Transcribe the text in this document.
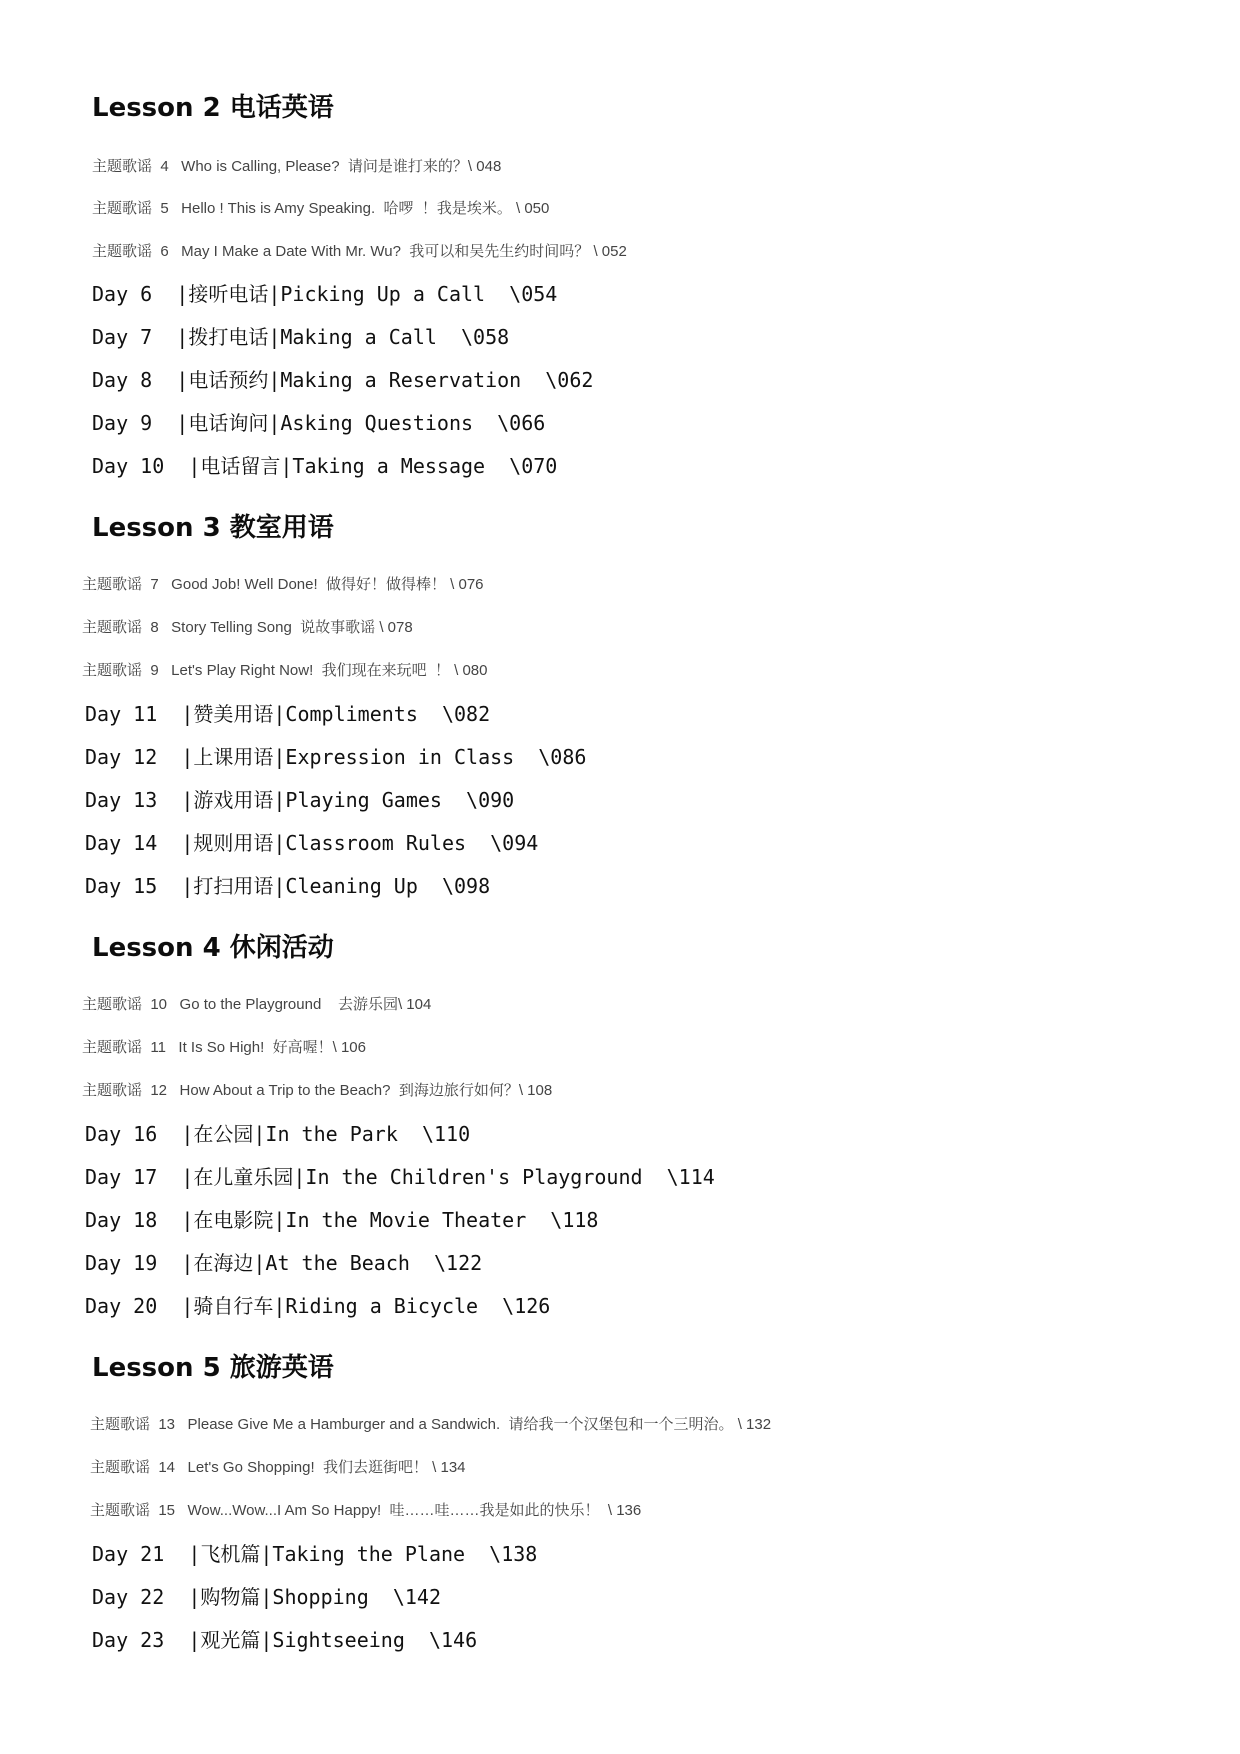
Lesson 2 电话英语
主题歌谣  4   Who is Calling, Please?  请问是谁打来的？\ 048
主题歌谣  5   Hello ! This is Amy Speaking.  哈啰  ！我是埃米。 \ 050
主题歌谣  6   May I Make a Date With Mr. Wu?  我可以和吴先生约时间吗？ \ 052
Day 6  |接听电话|Picking Up a Call  \054
Day 7  |拨打电话|Making a Call  \058
Day 8  |电话预约|Making a Reservation  \062
Day 9  |电话询问|Asking Questions  \066
Day 10  |电话留言|Taking a Message  \070
Lesson 3 教室用语
主题歌谣  7   Good Job! Well Done!  做得好！做得棒！ \ 076
主题歌谣  8   Story Telling Song  说故事歌谣 \ 078
主题歌谣  9   Let's Play Right Now!  我们现在来玩吧  ！ \ 080
Day 11  |赞美用语|Compliments  \082
Day 12  |上课用语|Expression in Class  \086
Day 13  |游戏用语|Playing Games  \090
Day 14  |规则用语|Classroom Rules  \094
Day 15  |打扫用语|Cleaning Up  \098
Lesson 4 休闲活动
主题歌谣  10   Go to the Playground    去游乐园\ 104
主题歌谣  11   It Is So High!  好高喔！\ 106
主题歌谣  12   How About a Trip to the Beach?  到海边旅行如何？\ 108
Day 16  |在公园|In the Park  \110
Day 17  |在儿童乐园|In the Children's Playground  \114
Day 18  |在电影院|In the Movie Theater  \118
Day 19  |在海边|At the Beach  \122
Day 20  |骑自行车|Riding a Bicycle  \126
Lesson 5 旅游英语
主题歌谣  13   Please Give Me a Hamburger and a Sandwich.  请给我一个汉堡包和一个三明治。 \ 132
主题歌谣  14   Let's Go Shopping!  我们去逛街吧！ \ 134
主题歌谣  15   Wow...Wow...I Am So Happy!  哇……哇……我是如此的快乐！  \ 136
Day 21  |飞机篇|Taking the Plane  \138
Day 22  |购物篇|Shopping  \142
Day 23  |观光篇|Sightseeing  \146
